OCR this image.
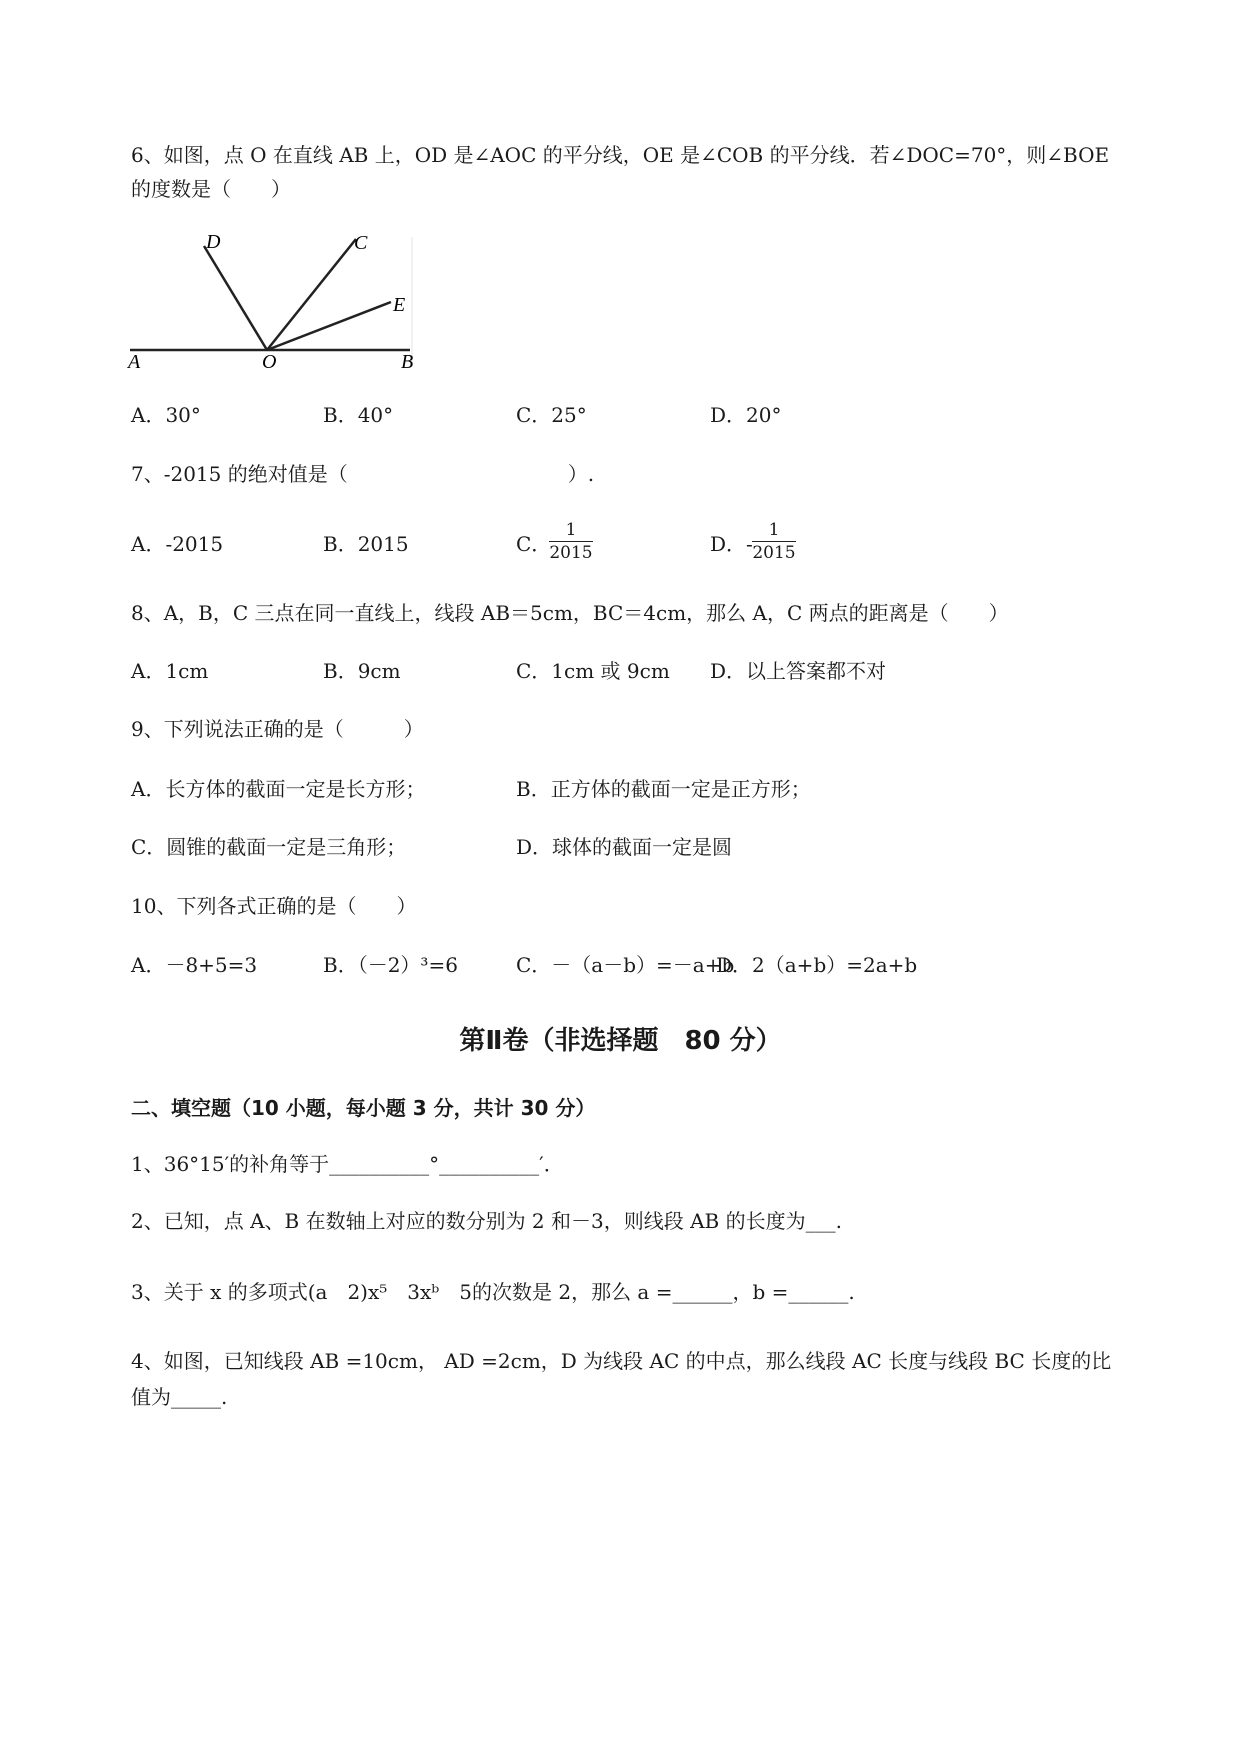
6、如图，点 O 在直线 AB 上，OD 是∠AOC 的平分线，OE 是∠COB 的平分线．若∠DOC=70°，则∠BOE
的度数是（　　）
A	B
C
D
E
O
A．30°	B．40°	C．25°	D．20°
7、-2015 的绝对值是（　　　　　　　　　　　）.
A．-2015	B．2015	C．
1
2015	D．-
1
2015
8、A，B，C 三点在同一直线上，线段 AB＝5cm，BC＝4cm，那么 A，C 两点的距离是（　　）
A．1cm	B．9cm	C．1cm 或 9cm D．以上答案都不对
9、下列说法正确的是（　　　）
A．长方体的截面一定是长方形；	B．正方体的截面一定是正方形；
C．圆锥的截面一定是三角形；	D．球体的截面一定是圆
10、下列各式正确的是（　　）
A．－8+5=3	B．（－2）³=6	C．－（a－b）=－a+b
D．2（a+b）=2a+b
第Ⅱ卷（非选择题　80 分）
二、填空题（10 小题，每小题 3 分，共计 30 分）
1、36°15′的补角等于__________°__________′．
2、已知，点 A、B 在数轴上对应的数分别为 2 和－3，则线段 AB 的长度为___.
3、关于 x 的多项式(a　2)x⁵　3xᵇ　5的次数是 2，那么 a =______，b =______.
4、如图，已知线段 AB =10cm， AD =2cm，D 为线段 AC 的中点，那么线段 AC 长度与线段 BC 长度的比
值为_____.
